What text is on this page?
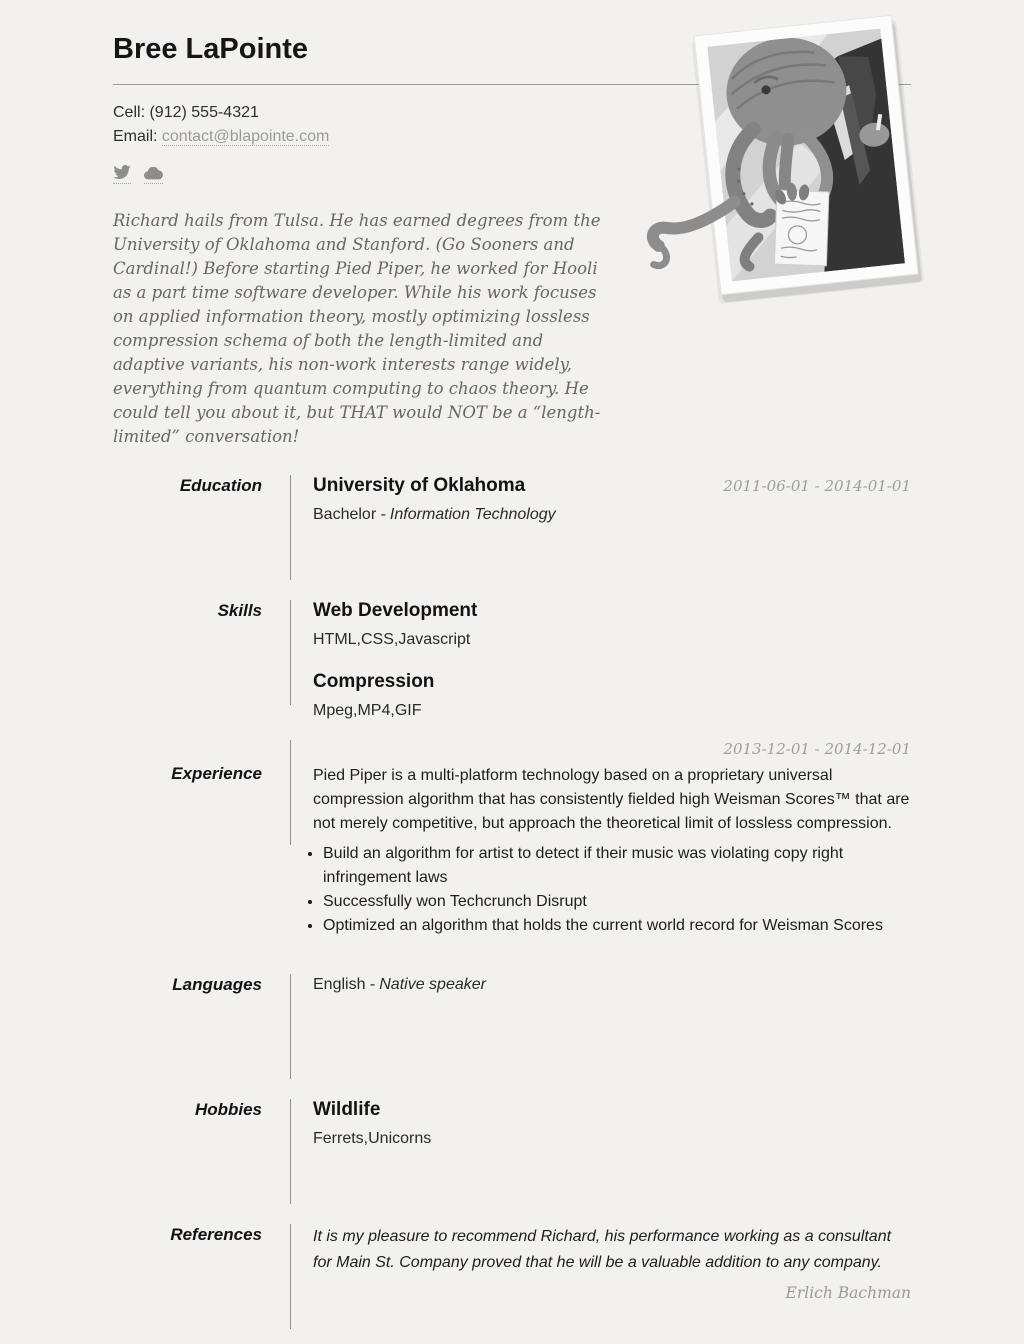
Bree LaPointe
Cell: (912) 555-4321
Email: contact@blapointe.com

Richard hails from Tulsa. He has earned degrees from the University of Oklahoma and Stanford. (Go Sooners and Cardinal!) Before starting Pied Piper, he worked for Hooli as a part time software developer. While his work focuses on applied information theory, mostly optimizing lossless compression schema of both the length-limited and adaptive variants, his non-work interests range widely, everything from quantum computing to chaos theory. He could tell you about it, but THAT would NOT be a “length-limited” conversation!

Education	University of Oklahoma	2011-06-01 - 2014-01-01
Bachelor - Information Technology
Skills	Web Development
HTML,CSS,Javascript
Compression
Mpeg,MP4,GIF
Experience
2013-12-01 - 2014-12-01

Pied Piper is a multi-platform technology based on a proprietary universal compression algorithm that has consistently fielded high Weisman Scores™ that are not merely competitive, but approach the theoretical limit of lossless compression.

• Build an algorithm for artist to detect if their music was violating copy right infringement laws
• Successfully won Techcrunch Disrupt
• Optimized an algorithm that holds the current world record for Weisman Scores
Languages	English - Native speaker
Hobbies	Wildlife
Ferrets,Unicorns
References	It is my pleasure to recommend Richard, his performance working as a consultant for Main St. Company proved that he will be a valuable addition to any company.

Erlich Bachman
